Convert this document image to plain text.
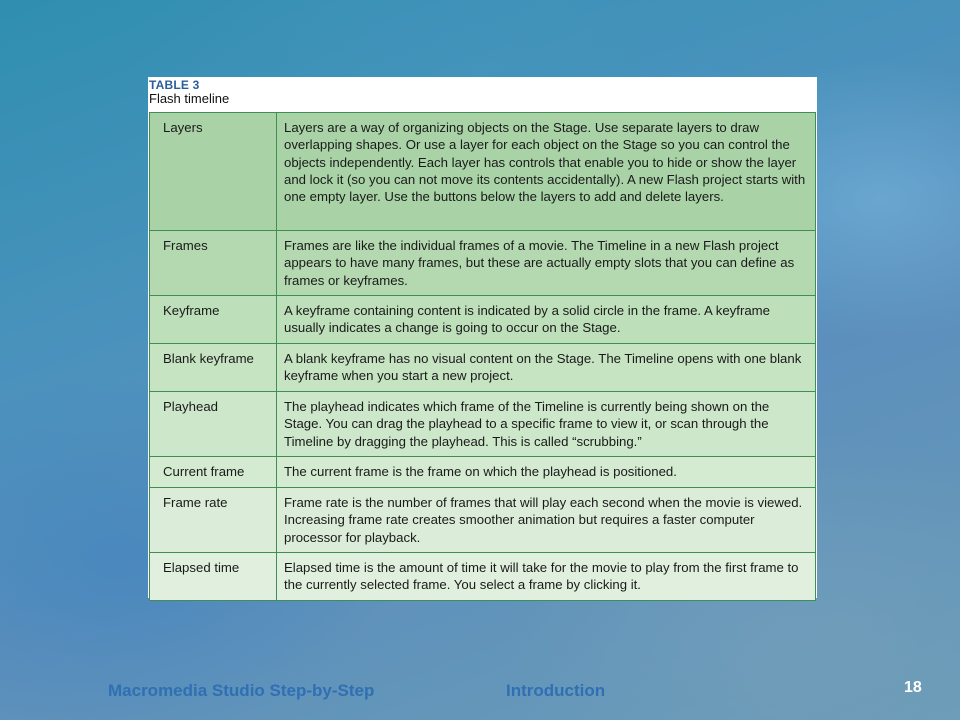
TABLE 3
Flash timeline
Layers	Layers are a way of organizing objects on the Stage. Use separate layers to draw overlapping shapes. Or use a layer for each object on the Stage so you can control the objects independently. Each layer has controls that enable you to hide or show the layer and lock it (so you can not move its contents accidentally). A new Flash project starts with one empty layer. Use the buttons below the layers to add and delete layers.
Frames	Frames are like the individual frames of a movie. The Timeline in a new Flash project appears to have many frames, but these are actually empty slots that you can define as frames or keyframes.
Keyframe	A keyframe containing content is indicated by a solid circle in the frame. A keyframe usually indicates a change is going to occur on the Stage.
Blank keyframe	A blank keyframe has no visual content on the Stage. The Timeline opens with one blank keyframe when you start a new project.
Playhead	The playhead indicates which frame of the Timeline is currently being shown on the Stage. You can drag the playhead to a specific frame to view it, or scan through the Timeline by dragging the playhead. This is called “scrubbing.”
Current frame	The current frame is the frame on which the playhead is positioned.
Frame rate	Frame rate is the number of frames that will play each second when the movie is viewed. Increasing frame rate creates smoother animation but requires a faster computer processor for playback.
Elapsed time	Elapsed time is the amount of time it will take for the movie to play from the first frame to the currently selected frame. You select a frame by clicking it.
Macromedia Studio Step-by-Step	Introduction	18
